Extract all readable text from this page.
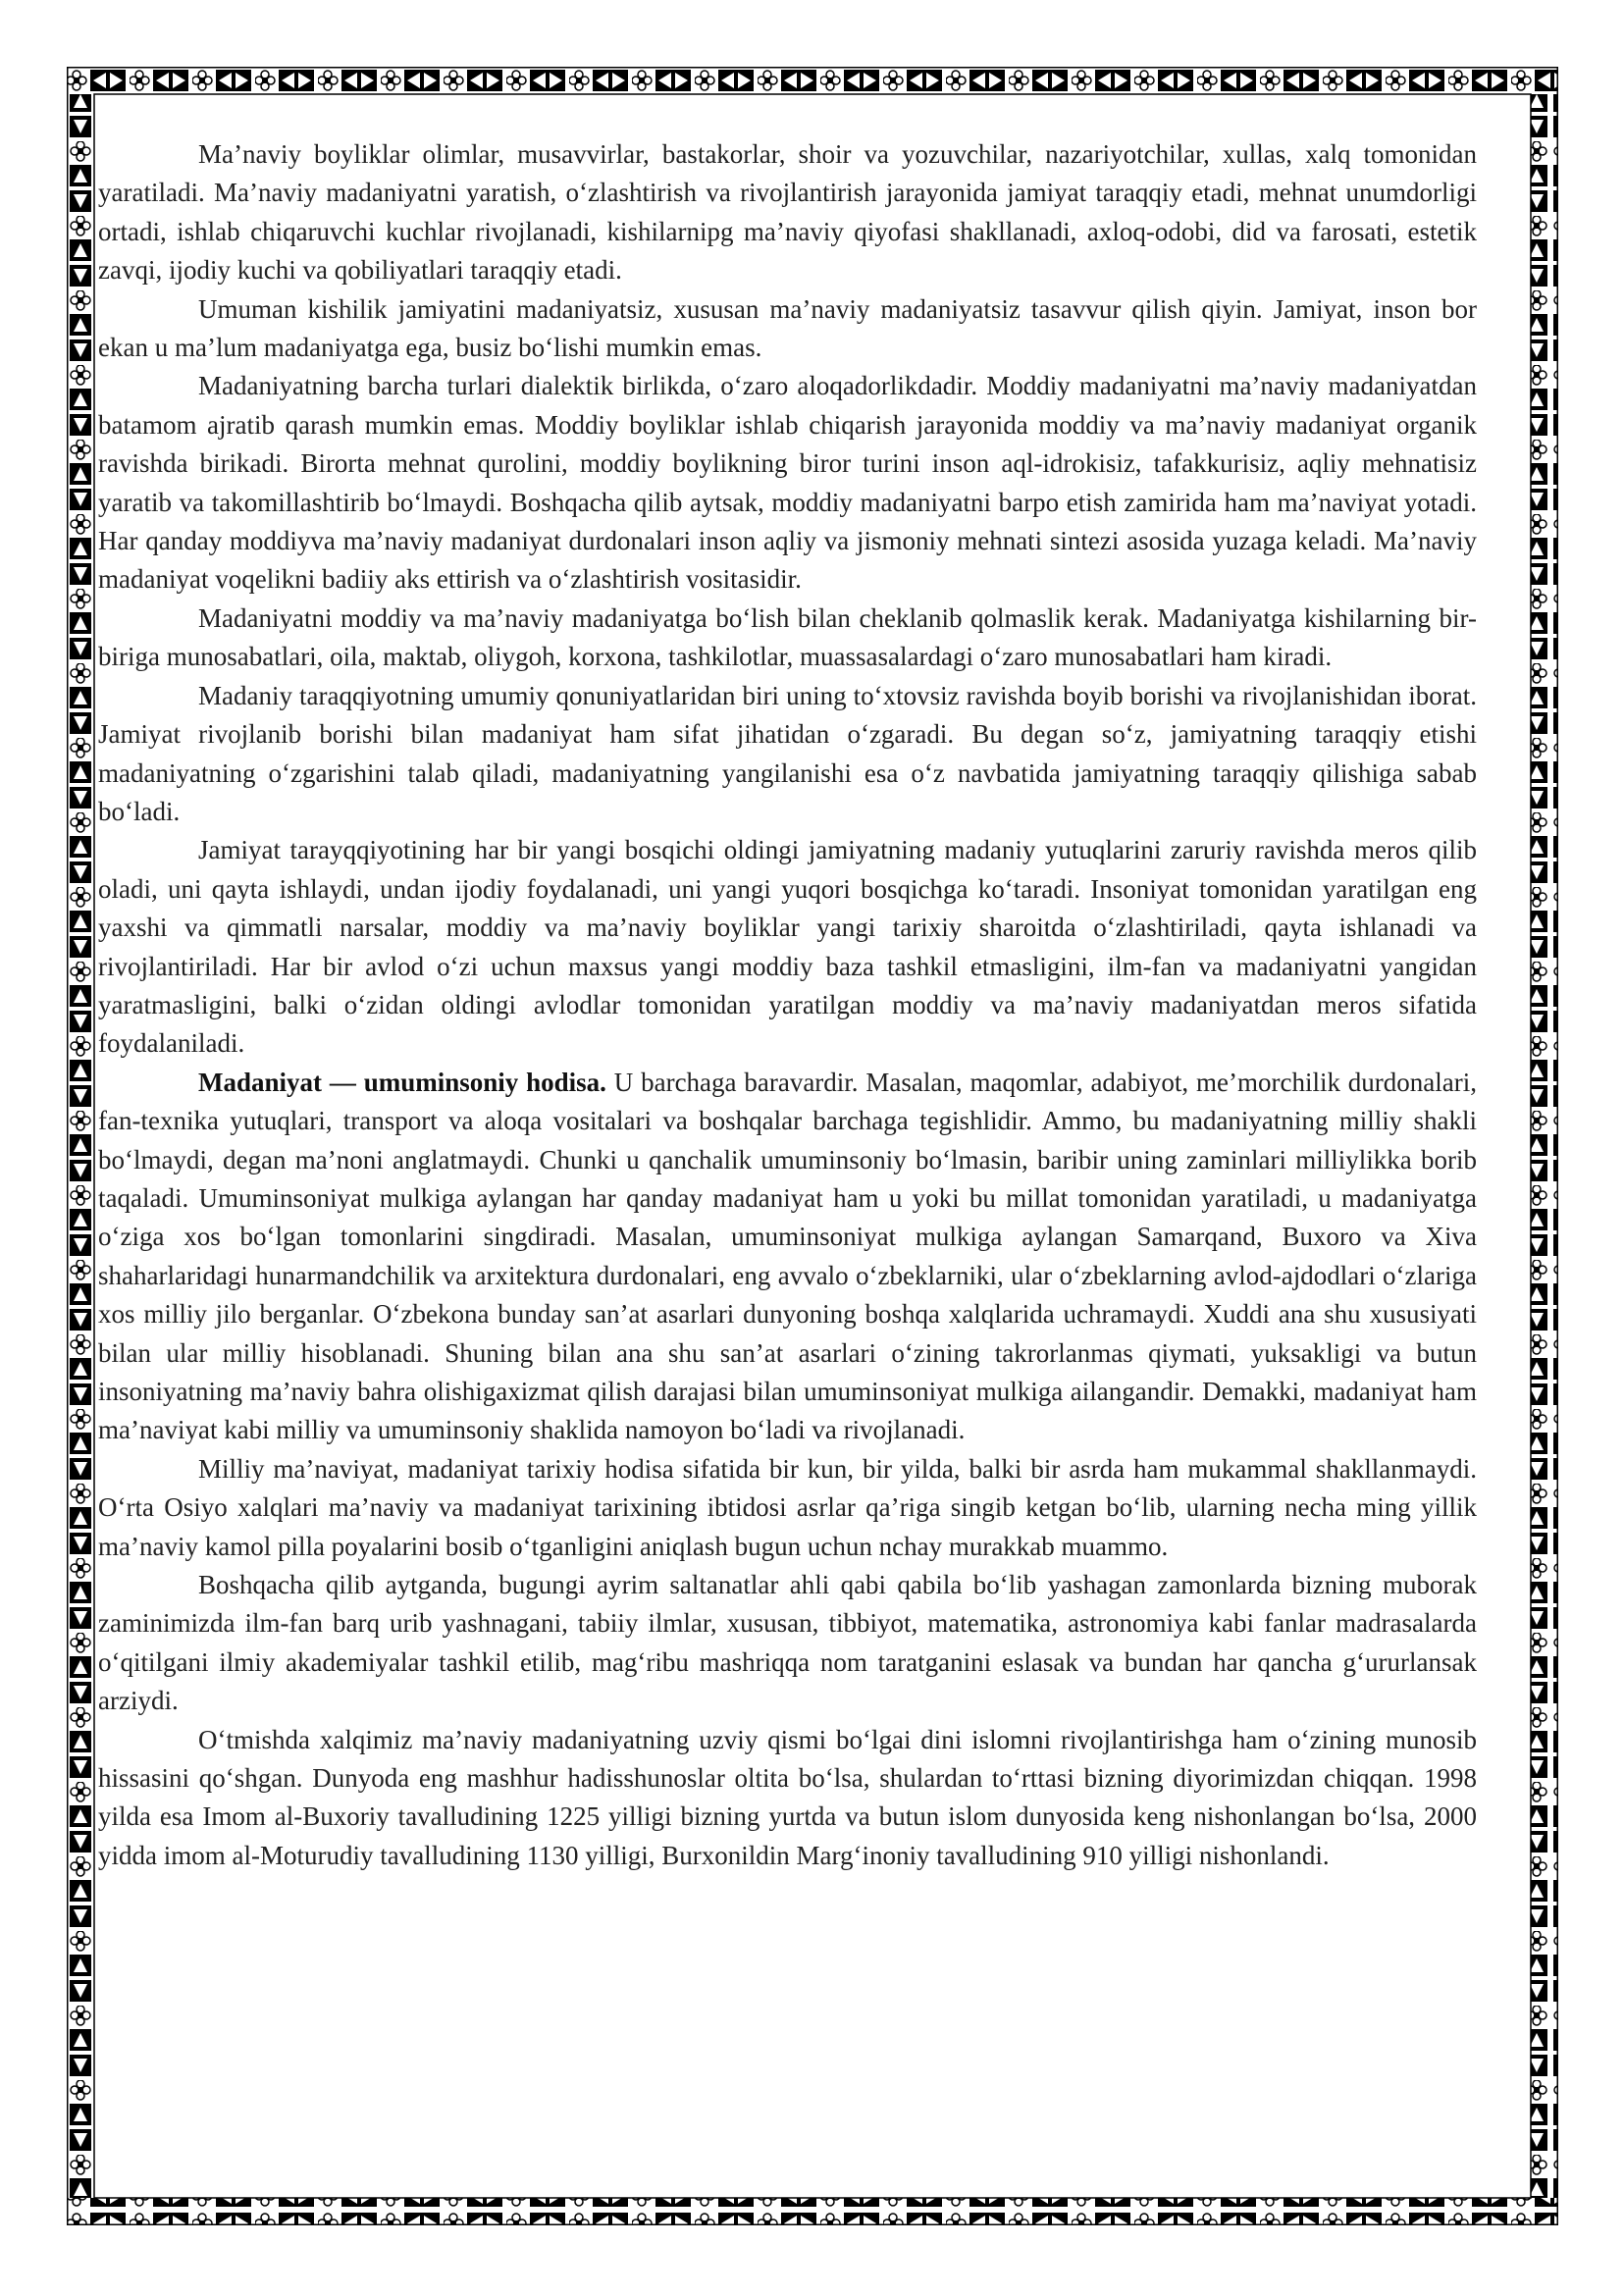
Ma’naviy boyliklar olimlar, musavvirlar, bastakorlar, shoir va yozuvchilar, nazariyotchilar, xullas, xalq tomonidan yaratiladi. Ma’naviy madaniyatni yaratish, o‘zlashtirish va rivojlantirish jarayonida jamiyat taraqqiy etadi, mehnat unumdorligi ortadi, ishlab chiqaruvchi kuchlar rivojlanadi, kishilarnipg ma’naviy qiyofasi shakllanadi, axloq-odobi, did va farosati, estetik zavqi, ijodiy kuchi va qobiliyatlari taraqqiy etadi.

Umuman kishilik jamiyatini madaniyatsiz, xususan ma’naviy madaniyatsiz tasavvur qilish qiyin. Jamiyat, inson bor ekan u ma’lum madaniyatga ega, busiz bo‘lishi mumkin emas.

Madaniyatning barcha turlari dialektik birlikda, o‘zaro aloqadorlikdadir. Moddiy madaniyatni ma’naviy madaniyatdan batamom ajratib qarash mumkin emas. Moddiy boyliklar ishlab chiqarish jarayonida moddiy va ma’naviy madaniyat organik ravishda birikadi. Birorta mehnat qurolini, moddiy boylikning biror turini inson aql-idrokisiz, tafakkurisiz, aqliy mehnatisiz yaratib va takomillashtirib bo‘lmaydi. Boshqacha qilib aytsak, moddiy madaniyatni barpo etish zamirida ham ma’naviyat yotadi. Har qanday moddiyva ma’naviy madaniyat durdonalari inson aqliy va jismoniy mehnati sintezi asosida yuzaga keladi. Ma’naviy madaniyat voqelikni badiiy aks ettirish va o‘zlashtirish vositasidir.

Madaniyatni moddiy va ma’naviy madaniyatga bo‘lish bilan cheklanib qolmaslik kerak. Madaniyatga kishilarning bir-biriga munosabatlari, oila, maktab, oliygoh, korxona, tashkilotlar, muassasalardagi o‘zaro munosabatlari ham kiradi.

Madaniy taraqqiyotning umumiy qonuniyatlaridan biri uning to‘xtovsiz ravishda boyib borishi va rivojlanishidan iborat. Jamiyat rivojlanib borishi bilan madaniyat ham sifat jihatidan o‘zgaradi. Bu degan so‘z, jamiyatning taraqqiy etishi madaniyatning o‘zgarishini talab qiladi, madaniyatning yangilanishi esa o‘z navbatida jamiyatning taraqqiy qilishiga sabab bo‘ladi.

Jamiyat tarayqqiyotining har bir yangi bosqichi oldingi jamiyatning madaniy yutuqlarini zaruriy ravishda meros qilib oladi, uni qayta ishlaydi, undan ijodiy foydalanadi, uni yangi yuqori bosqichga ko‘taradi. Insoniyat tomonidan yaratilgan eng yaxshi va qimmatli narsalar, moddiy va ma’naviy boyliklar yangi tarixiy sharoitda o‘zlashtiriladi, qayta ishlanadi va rivojlantiriladi. Har bir avlod o‘zi uchun maxsus yangi moddiy baza tashkil etmasligini, ilm-fan va madaniyatni yangidan yaratmasligini, balki o‘zidan oldingi avlodlar tomonidan yaratilgan moddiy va ma’naviy madaniyatdan meros sifatida foydalaniladi.

Madaniyat — umuminsoniy hodisa. U barchaga baravardir. Masalan, maqomlar, adabiyot, me’morchilik durdonalari, fan-texnika yutuqlari, transport va aloqa vositalari va boshqalar barchaga tegishlidir. Ammo, bu madaniyatning milliy shakli bo‘lmaydi, degan ma’noni anglatmaydi. Chunki u qanchalik umuminsoniy bo‘lmasin, baribir uning zaminlari milliylikka borib taqaladi. Umuminsoniyat mulkiga aylangan har qanday madaniyat ham u yoki bu millat tomonidan yaratiladi, u madaniyatga o‘ziga xos bo‘lgan tomonlarini singdiradi. Masalan, umuminsoniyat mulkiga aylangan Samarqand, Buxoro va Xiva shaharlaridagi hunarmandchilik va arxitektura durdonalari, eng avvalo o‘zbeklarniki, ular o‘zbeklarning avlod-ajdodlari o‘zlariga xos milliy jilo berganlar. O‘zbekona bunday san’at asarlari dunyoning boshqa xalqlarida uchramaydi. Xuddi ana shu xususiyati bilan ular milliy hisoblanadi. Shuning bilan ana shu san’at asarlari o‘zining takrorlanmas qiymati, yuksakligi va butun insoniyatning ma’naviy bahra olishigaxizmat qilish darajasi bilan umuminsoniyat mulkiga ailangandir. Demakki, madaniyat ham ma’naviyat kabi milliy va umuminsoniy shaklida namoyon bo‘ladi va rivojlanadi.

Milliy ma’naviyat, madaniyat tarixiy hodisa sifatida bir kun, bir yilda, balki bir asrda ham mukammal shakllanmaydi. O‘rta Osiyo xalqlari ma’naviy va madaniyat tarixining ibtidosi asrlar qa’riga singib ketgan bo‘lib, ularning necha ming yillik ma’naviy kamol pilla poyalarini bosib o‘tganligini aniqlash bugun uchun nchay murakkab muammo.

Boshqacha qilib aytganda, bugungi ayrim saltanatlar ahli qabi qabila bo‘lib yashagan zamonlarda bizning muborak zaminimizda ilm-fan barq urib yashnagani, tabiiy ilmlar, xususan, tibbiyot, matematika, astronomiya kabi fanlar madrasalarda o‘qitilgani ilmiy akademiyalar tashkil etilib, mag‘ribu mashriqqa nom taratganini eslasak va bundan har qancha g‘ururlansak arziydi.

O‘tmishda xalqimiz ma’naviy madaniyatning uzviy qismi bo‘lgai dini islomni rivojlantirishga ham o‘zining munosib hissasini qo‘shgan. Dunyoda eng mashhur hadisshunoslar oltita bo‘lsa, shulardan to‘rttasi bizning diyorimizdan chiqqan. 1998 yilda esa Imom al-Buxoriy tavalludining 1225 yilligi bizning yurtda va butun islom dunyosida keng nishonlangan bo‘lsa, 2000 yidda imom al-Moturudiy tavalludining 1130 yilligi, Burxonildin Marg‘inoniy tavalludining 910 yilligi nishonlandi.
